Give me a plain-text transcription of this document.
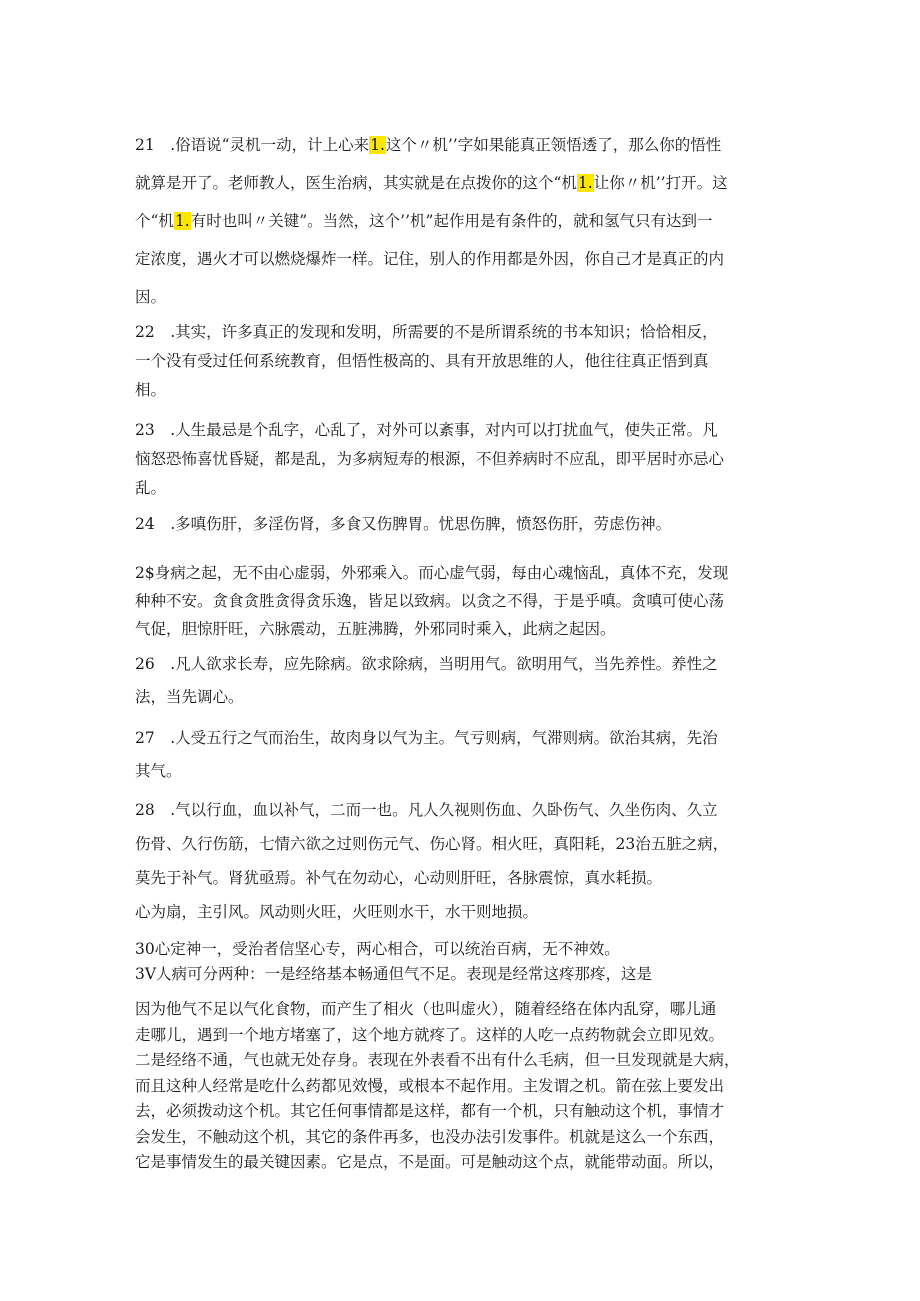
21　.俗语说“灵机一动，计上心来1.这个〃机’’字如果能真正领悟透了，那么你的悟性
就算是开了。老师教人，医生治病，其实就是在点拨你的这个“机1.让你〃机’’打开。这
个“机1.有时也叫〃关键”。当然，这个’’机”起作用是有条件的，就和氢气只有达到一
定浓度，遇火才可以燃烧爆炸一样。记住，别人的作用都是外因，你自己才是真正的内
因。
22　.其实，许多真正的发现和发明，所需要的不是所谓系统的书本知识；恰恰相反，
一个没有受过任何系统教育，但悟性极高的、具有开放思维的人，他往往真正悟到真
相。
23　.人生最忌是个乱字，心乱了，对外可以紊事，对内可以打扰血气，使失正常。凡
恼怒恐怖喜忧昏疑，都是乱，为多病短寿的根源，不但养病时不应乱，即平居时亦忌心
乱。
24　.多嗔伤肝，多淫伤肾，多食又伤脾胃。忧思伤脾，愤怒伤肝，劳虑伤神。
2$身病之起，无不由心虚弱，外邪乘入。而心虚气弱，每由心魂恼乱，真体不充，发现
种种不安。贪食贪胜贪得贪乐逸，皆足以致病。以贪之不得，于是乎嗔。贪嗔可使心荡
气促，胆惊肝旺，六脉震动，五脏沸腾，外邪同时乘入，此病之起因。
26　.凡人欲求长寿，应先除病。欲求除病，当明用气。欲明用气，当先养性。养性之
法，当先调心。
27　.人受五行之气而治生，故肉身以气为主。气亏则病，气滞则病。欲治其病，先治
其气。
28　.气以行血，血以补气，二而一也。凡人久视则伤血、久卧伤气、久坐伤肉、久立
伤骨、久行伤筋，七情六欲之过则伤元气、伤心肾。相火旺，真阳耗，23治五脏之病，
莫先于补气。肾犹亟焉。补气在勿动心，心动则肝旺，各脉震惊，真水耗损。
心为扇，主引风。风动则火旺，火旺则水干，水干则地损。
30心定神一，受治者信坚心专，两心相合，可以统治百病，无不神效。
3V人病可分两种：一是经络基本畅通但气不足。表现是经常这疼那疼，这是
因为他气不足以气化食物，而产生了相火（也叫虚火），随着经络在体内乱穿，哪儿通
走哪儿，遇到一个地方堵塞了，这个地方就疼了。这样的人吃一点药物就会立即见效。
二是经络不通，气也就无处存身。表现在外表看不出有什么毛病，但一旦发现就是大病，
而且这种人经常是吃什么药都见效慢，或根本不起作用。主发谓之机。箭在弦上要发出
去，必须拨动这个机。其它任何事情都是这样，都有一个机，只有触动这个机，事情才
会发生，不触动这个机，其它的条件再多，也没办法引发事件。机就是这么一个东西，
它是事情发生的最关键因素。它是点，不是面。可是触动这个点，就能带动面。所以，
